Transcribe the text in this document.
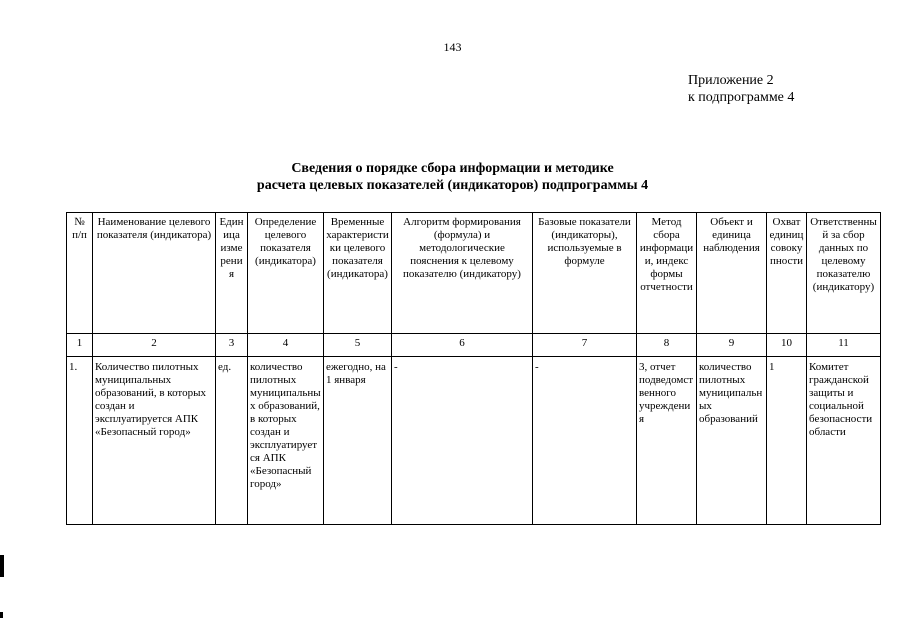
143
Приложение 2
к подпрограмме 4
Сведения о порядке сбора информации и методике
расчета целевых показателей (индикаторов) подпрограммы 4
№ п/п	Наименование целевого показателя (индикатора)	Единица измерения	Определение целевого показателя (индикатора)	Временные характеристики целевого показателя (индикатора)	Алгоритм формирования (формула) и методологические пояснения к целевому показателю (индикатору)	Базовые показатели (индикаторы), используемые в формуле	Метод сбора информации, индекс формы отчетности	Объект и единица наблюдения	Охват единиц совокупности	Ответственный за сбор данных по целевому показателю (индикатору)
1	2	3	4	5	6	7	8	9	10	11
1.	Количество пилотных муниципальных образований, в которых создан и эксплуатируется АПК «Безопасный город»	ед.	количество пилотных муниципальных образований, в которых создан и эксплуатируется АПК «Безопасный город»	ежегодно, на 1 января	-	-	3, отчет подведомственного учреждения	количество пилотных муниципальных образований	1	Комитет гражданской защиты и социальной безопасности области
